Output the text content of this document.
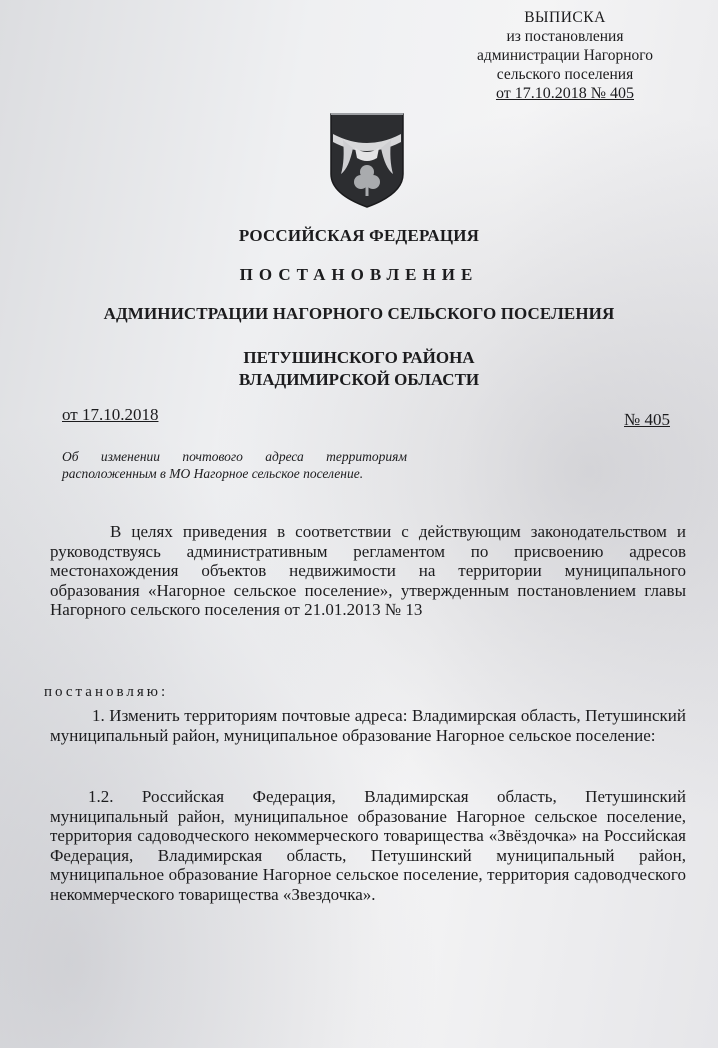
ВЫПИСКА
из постановления
администрации Нагорного
сельского поселения
от 17.10.2018 № 405
РОССИЙСКАЯ ФЕДЕРАЦИЯ
ПОСТАНОВЛЕНИЕ
АДМИНИСТРАЦИИ НАГОРНОГО СЕЛЬСКОГО ПОСЕЛЕНИЯ
ПЕТУШИНСКОГО РАЙОНА
ВЛАДИМИРСКОЙ ОБЛАСТИ
от 17.10.2018	№ 405
Об изменении почтового адреса территориям расположенным в МО Нагорное сельское поселение.
В целях приведения в соответствии с действующим законодательством и руководствуясь административным регламентом по присвоению адресов местонахождения объектов недвижимости на территории муниципального образования «Нагорное сельское поселение», утвержденным постановлением главы Нагорного сельского поселения от 21.01.2013 № 13
постановляю:
1. Изменить территориям почтовые адреса: Владимирская область, Петушинский муниципальный район, муниципальное образование Нагорное сельское поселение:
1.2. Российская Федерация, Владимирская область, Петушинский муниципальный район, муниципальное образование Нагорное сельское поселение, территория садоводческого некоммерческого товарищества «Звёздочка» на Российская Федерация, Владимирская область, Петушинский муниципальный район, муниципальное образование Нагорное сельское поселение, территория садоводческого некоммерческого товарищества «Звездочка».
